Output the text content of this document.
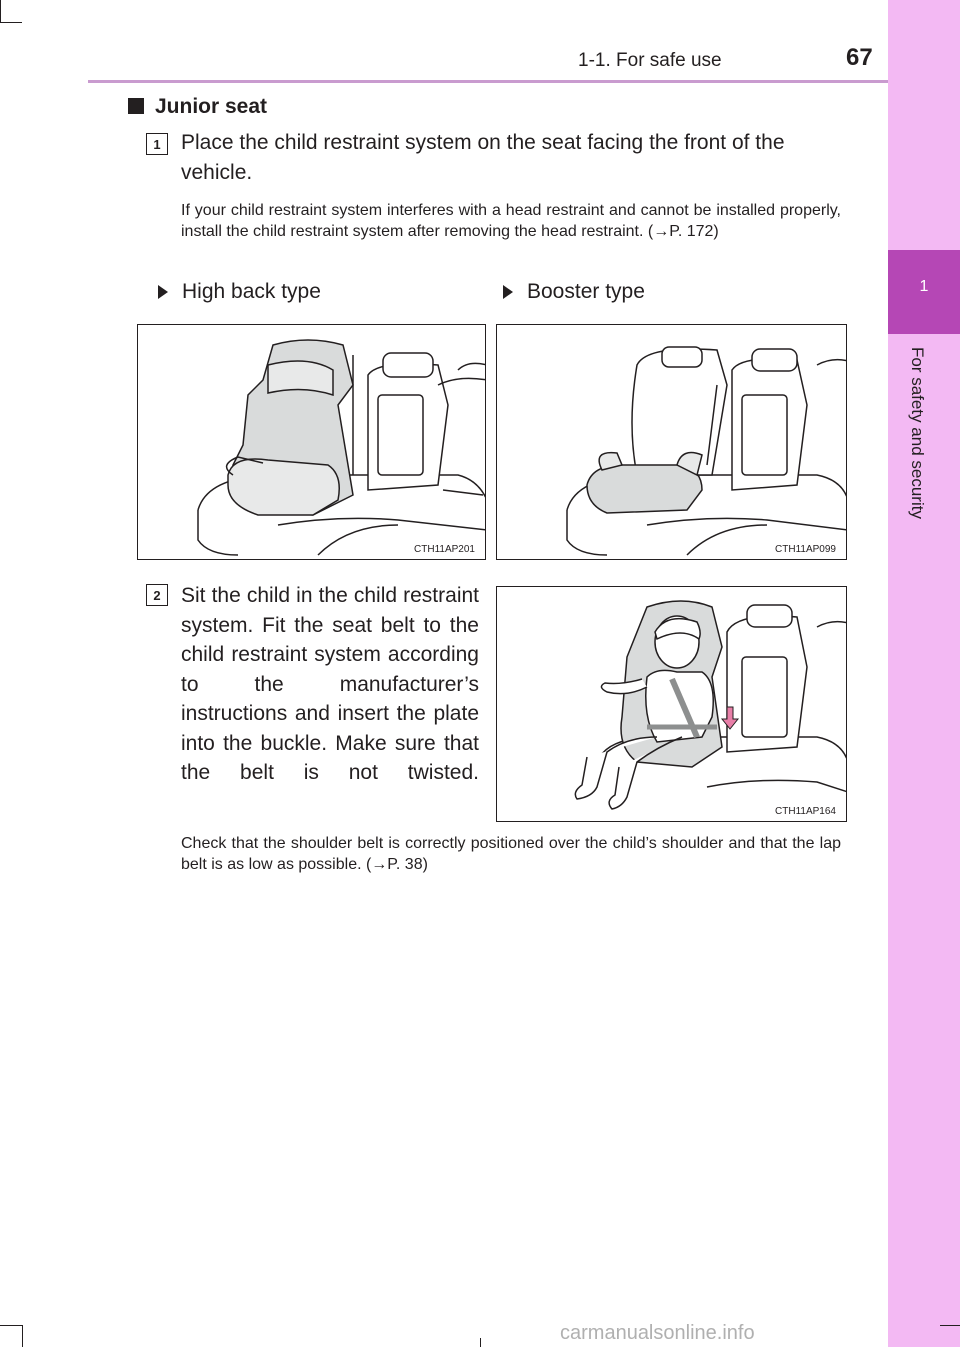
1-1. For safe use	67
1
For safety and security
Junior seat
1 Place the child restraint system on the seat facing the front of the vehicle.
If your child restraint system interferes with a head restraint and cannot be installed properly, install the child restraint system after removing the head restraint. (→P. 172)
High back type	Booster type
CTH11AP201	CTH11AP099
2 Sit the child in the child restraint system. Fit the seat belt to the child restraint system according to the manufacturer’s instructions and insert the plate into the buckle. Make sure that the belt is not twisted.
CTH11AP164
Check that the shoulder belt is correctly positioned over the child’s shoulder and that the lap belt is as low as possible. (→P. 38)
carmanualsonline.info
